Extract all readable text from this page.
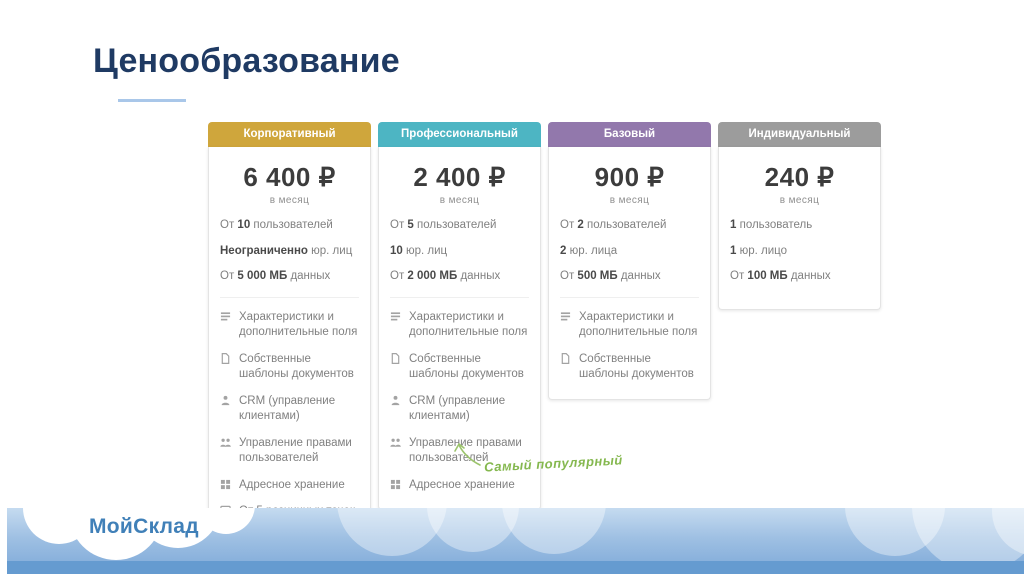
Ценообразование
Корпоративный
6 400 ₽
в месяц
От 10 пользователей
Неограниченно юр. лиц
От 5 000 МБ данных
Характеристики и дополнительные поля
Собственные шаблоны документов
CRM (управление клиентами)
Управление правами пользователей
Адресное хранение
Профессиональный
2 400 ₽
в месяц
От 5 пользователей
10 юр. лиц
От 2 000 МБ данных
Характеристики и дополнительные поля
Собственные шаблоны документов
CRM (управление клиентами)
Управление правами пользователей
Адресное хранение
Базовый
900 ₽
в месяц
От 2 пользователей
2 юр. лица
От 500 МБ данных
Характеристики и дополнительные поля
Собственные шаблоны документов
Индивидуальный
240 ₽
в месяц
1 пользователь
1 юр. лицо
От 100 МБ данных
Самый популярный
МойСклад
